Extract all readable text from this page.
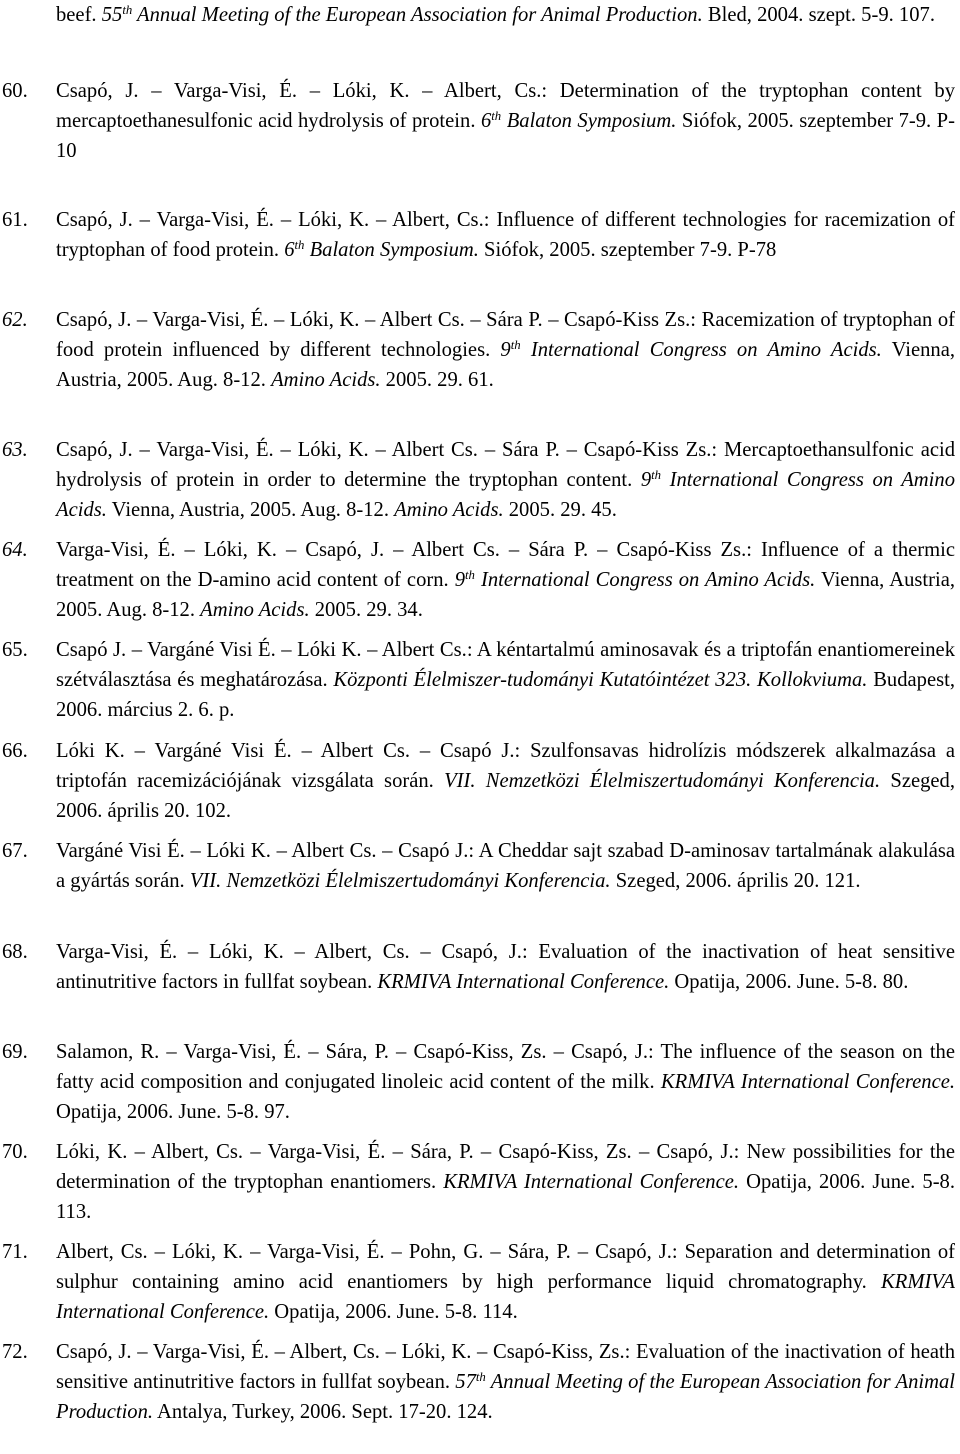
beef. 55th Annual Meeting of the European Association for Animal Production. Bled, 2004. szept. 5-9. 107.
60. Csapó, J. – Varga-Visi, É. – Lóki, K. – Albert, Cs.: Determination of the tryptophan content by mercaptoethanesulfonic acid hydrolysis of protein. 6th Balaton Symposium. Siófok, 2005. szeptember 7-9. P-10
61. Csapó, J. – Varga-Visi, É. – Lóki, K. – Albert, Cs.: Influence of different technologies for racemization of tryptophan of food protein. 6th Balaton Symposium. Siófok, 2005. szeptember 7-9. P-78
62. Csapó, J. – Varga-Visi, É. – Lóki, K. – Albert Cs. – Sára P. – Csapó-Kiss Zs.: Racemization of tryptophan of food protein influenced by different technologies. 9th International Congress on Amino Acids. Vienna, Austria, 2005. Aug. 8-12. Amino Acids. 2005. 29. 61.
63. Csapó, J. – Varga-Visi, É. – Lóki, K. – Albert Cs. – Sára P. – Csapó-Kiss Zs.: Mercaptoethansulfonic acid hydrolysis of protein in order to determine the tryptophan content. 9th International Congress on Amino Acids. Vienna, Austria, 2005. Aug. 8-12. Amino Acids. 2005. 29. 45.
64. Varga-Visi, É. – Lóki, K. – Csapó, J. – Albert Cs. – Sára P. – Csapó-Kiss Zs.: Influence of a thermic treatment on the D-amino acid content of corn. 9th International Congress on Amino Acids. Vienna, Austria, 2005. Aug. 8-12. Amino Acids. 2005. 29. 34.
65. Csapó J. – Vargáné Visi É. – Lóki K. – Albert Cs.: A kéntartalmú aminosavak és a triptofán enantiomereinek szétválasztása és meghatározása. Központi Élelmiszer-tudományi Kutatóintézet 323. Kollokviuma. Budapest, 2006. március 2. 6. p.
66. Lóki K. – Vargáné Visi É. – Albert Cs. – Csapó J.: Szulfonsavas hidrolízis módszerek alkalmazása a triptofán racemizációjának vizsgálata során. VII. Nemzetközi Élelmiszertudományi Konferencia. Szeged, 2006. április 20. 102.
67. Vargáné Visi É. – Lóki K. – Albert Cs. – Csapó J.: A Cheddar sajt szabad D-aminosav tartalmának alakulása a gyártás során. VII. Nemzetközi Élelmiszertudományi Konferencia. Szeged, 2006. április 20. 121.
68. Varga-Visi, É. – Lóki, K. – Albert, Cs. – Csapó, J.: Evaluation of the inactivation of heat sensitive antinutritive factors in fullfat soybean. KRMIVA International Conference. Opatija, 2006. June. 5-8. 80.
69. Salamon, R. – Varga-Visi, É. – Sára, P. – Csapó-Kiss, Zs. – Csapó, J.: The influence of the season on the fatty acid composition and conjugated linoleic acid content of the milk. KRMIVA International Conference. Opatija, 2006. June. 5-8. 97.
70. Lóki, K. – Albert, Cs. – Varga-Visi, É. – Sára, P. – Csapó-Kiss, Zs. – Csapó, J.: New possibilities for the determination of the tryptophan enantiomers. KRMIVA International Conference. Opatija, 2006. June. 5-8. 113.
71. Albert, Cs. – Lóki, K. – Varga-Visi, É. – Pohn, G. – Sára, P. – Csapó, J.: Separation and determination of sulphur containing amino acid enantiomers by high performance liquid chromatography. KRMIVA International Conference. Opatija, 2006. June. 5-8. 114.
72. Csapó, J. – Varga-Visi, É. – Albert, Cs. – Lóki, K. – Csapó-Kiss, Zs.: Evaluation of the inactivation of heath sensitive antinutritive factors in fullfat soybean. 57th Annual Meeting of the European Association for Animal Production. Antalya, Turkey, 2006. Sept. 17-20. 124.
